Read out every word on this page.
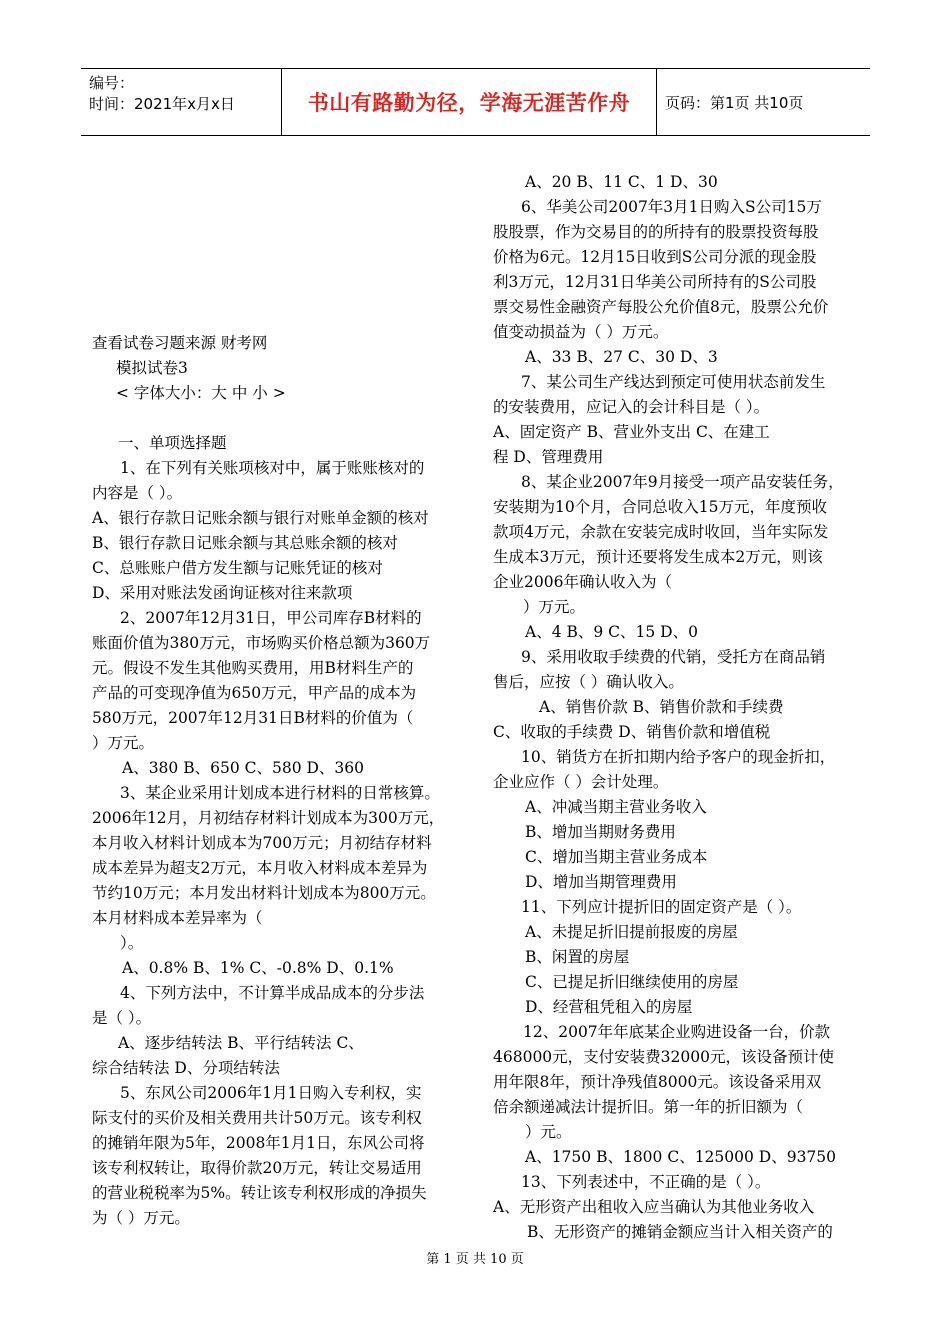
编号：
时间：2021年x月x日	书山有路勤为径，学海无涯苦作舟 页码：第1页 共10页
查看试卷习题来源 财考网
模拟试卷3
< 字体大小：大 中 小 >
一、单项选择题
1、在下列有关账项核对中，属于账账核对的
内容是（ ）。
A、银行存款日记账余额与银行对账单金额的核对
B、银行存款日记账余额与其总账余额的核对
C、总账账户借方发生额与记账凭证的核对
D、采用对账法发函询证核对往来款项
2、2007年12月31日，甲公司库存B材料的
账面价值为380万元，市场购买价格总额为360万
元。假设不发生其他购买费用，用B材料生产的
产品的可变现净值为650万元，甲产品的成本为
580万元，2007年12月31日B材料的价值为（
）万元。
A、380 B、650 C、580 D、360
3、某企业采用计划成本进行材料的日常核算。
2006年12月，月初结存材料计划成本为300万元，
本月收入材料计划成本为700万元；月初结存材料
成本差异为超支2万元，本月收入材料成本差异为
节约10万元；本月发出材料计划成本为800万元。
本月材料成本差异率为（
）。
A、0.8% B、1% C、-0.8% D、0.1%
4、下列方法中，不计算半成品成本的分步法
是（ ）。
A、逐步结转法 B、平行结转法 C、
综合结转法 D、分项结转法
5、东风公司2006年1月1日购入专利权，实
际支付的买价及相关费用共计50万元。该专利权
的摊销年限为5年，2008年1月1日，东风公司将
该专利权转让，取得价款20万元，转让交易适用
的营业税税率为5%。转让该专利权形成的净损失
为（ ）万元。
A、20 B、11 C、1 D、30
6、华美公司2007年3月1日购入S公司15万
股股票，作为交易目的的所持有的股票投资每股
价格为6元。12月15日收到S公司分派的现金股
利3万元，12月31日华美公司所持有的S公司股
票交易性金融资产每股公允价值8元，股票公允价
值变动损益为（ ）万元。
A、33 B、27 C、30 D、3
7、某公司生产线达到预定可使用状态前发生
的安装费用，应记入的会计科目是（ ）。
A、固定资产 B、营业外支出 C、在建工
程 D、管理费用
8、某企业2007年9月接受一项产品安装任务，
安装期为10个月，合同总收入15万元，年度预收
款项4万元，余款在安装完成时收回，当年实际发
生成本3万元，预计还要将发生成本2万元，则该
企业2006年确认收入为（
）万元。
A、4 B、9 C、15 D、0
9、采用收取手续费的代销，受托方在商品销
售后，应按（ ）确认收入。
A、销售价款 B、销售价款和手续费
C、收取的手续费 D、销售价款和增值税
10、销货方在折扣期内给予客户的现金折扣，
企业应作（ ）会计处理。
A、冲减当期主营业务收入
B、增加当期财务费用
C、增加当期主营业务成本
D、增加当期管理费用
11、下列应计提折旧的固定资产是（ ）。
A、未提足折旧提前报废的房屋
B、闲置的房屋
C、已提足折旧继续使用的房屋
D、经营租凭租入的房屋
12、2007年年底某企业购进设备一台，价款
468000元，支付安装费32000元，该设备预计使
用年限8年，预计净残值8000元。该设备采用双
倍余额递减法计提折旧。第一年的折旧额为（
）元。
A、1750 B、1800 C、125000 D、93750
13、下列表述中，不正确的是（ ）。
A、无形资产出租收入应当确认为其他业务收入
B、无形资产的摊销金额应当计入相关资产的
第 1 页 共 10 页
